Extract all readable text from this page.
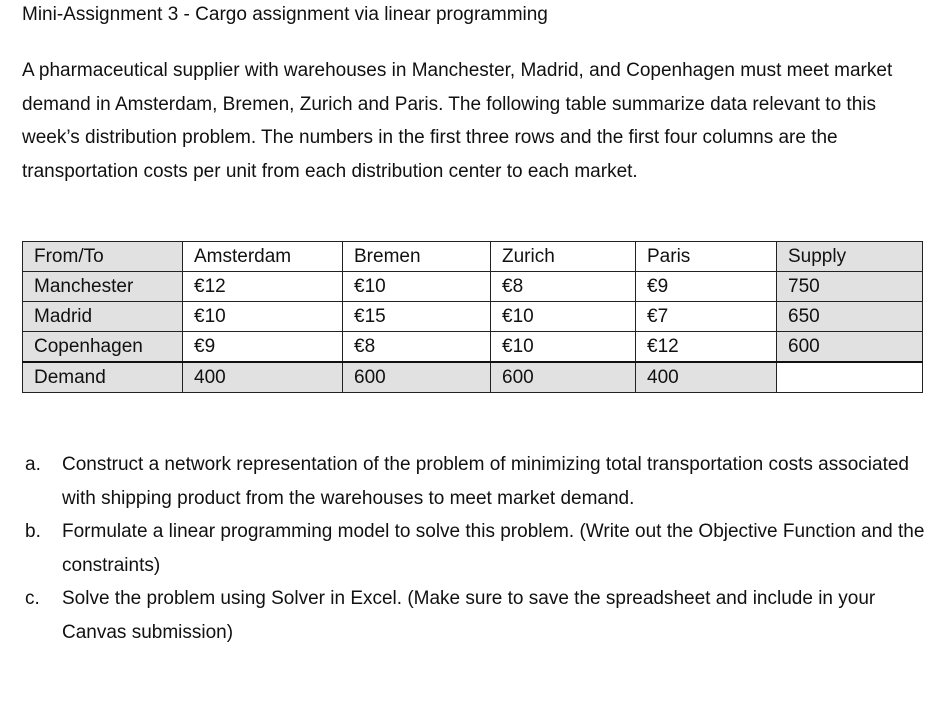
Mini-Assignment 3 - Cargo assignment via linear programming

A pharmaceutical supplier with warehouses in Manchester, Madrid, and Copenhagen must meet market demand in Amsterdam, Bremen, Zurich and Paris. The following table summarize data relevant to this week’s distribution problem. The numbers in the first three rows and the first four columns are the transportation costs per unit from each distribution center to each market.

From/To	Amsterdam	Bremen	Zurich	Paris	Supply
Manchester	€12	€10	€8	€9	750
Madrid	€10	€15	€10	€7	650
Copenhagen	€9	€8	€10	€12	600
Demand	400	600	600	400	
a. Construct a network representation of the problem of minimizing total transportation costs associated with shipping product from the warehouses to meet market demand.
b. Formulate a linear programming model to solve this problem. (Write out the Objective Function and the constraints)
c. Solve the problem using Solver in Excel. (Make sure to save the spreadsheet and include in your Canvas submission)
